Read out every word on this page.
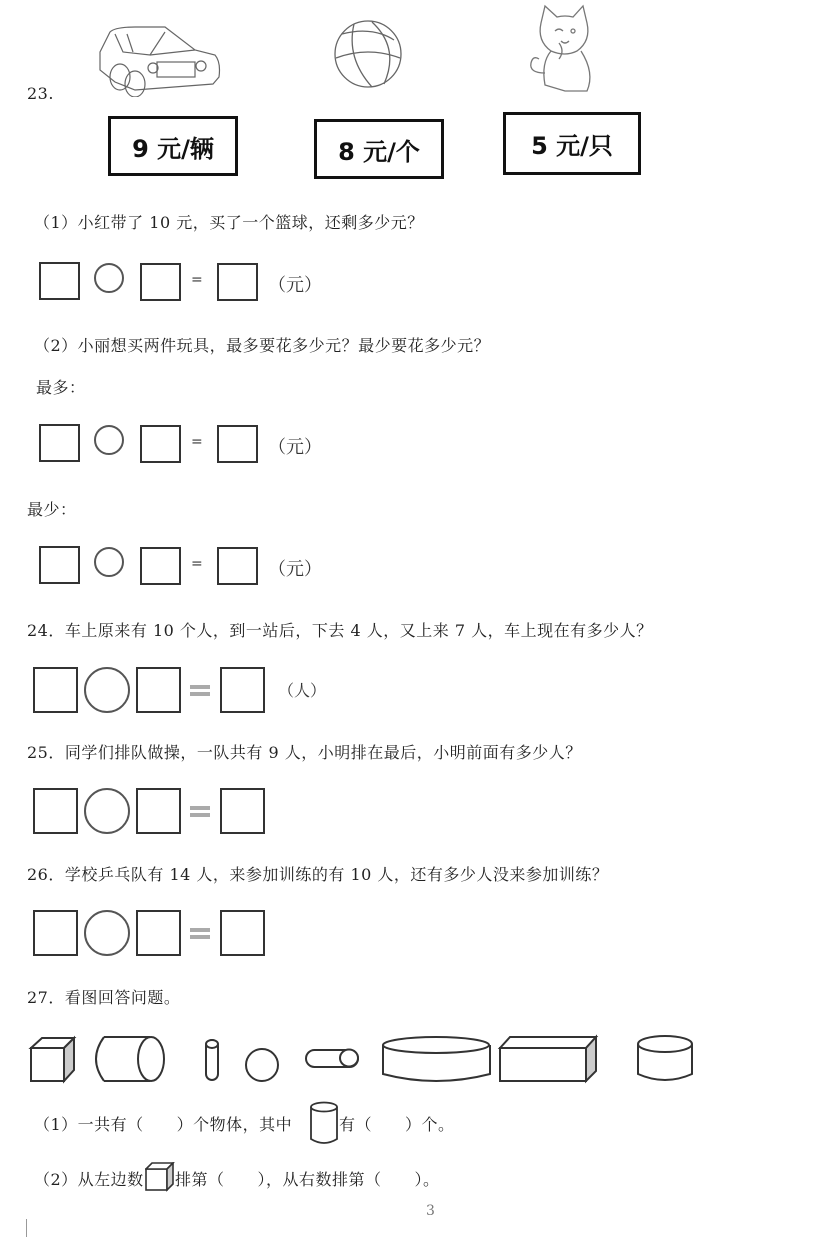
23.
9 元/辆	8 元/个	5 元/只
（1）小红带了 10 元，买了一个篮球，还剩多少元？
=	（元）
（2）小丽想买两件玩具，最多要花多少元？最少要花多少元？
最多：
=	（元）
最少：
=	（元）
24．车上原来有 10 个人，到一站后，下去 4 人，又上来 7 人，车上现在有多少人？
（人）
25．同学们排队做操，一队共有 9 人，小明排在最后，小明前面有多少人？
26．学校乒乓队有 14 人，来参加训练的有 10 人，还有多少人没来参加训练？
27．看图回答问题。
（1）一共有（　　）个物体，其中	有（　　）个。
（2）从左边数 排第（　　），从右数排第（　　）。
3
